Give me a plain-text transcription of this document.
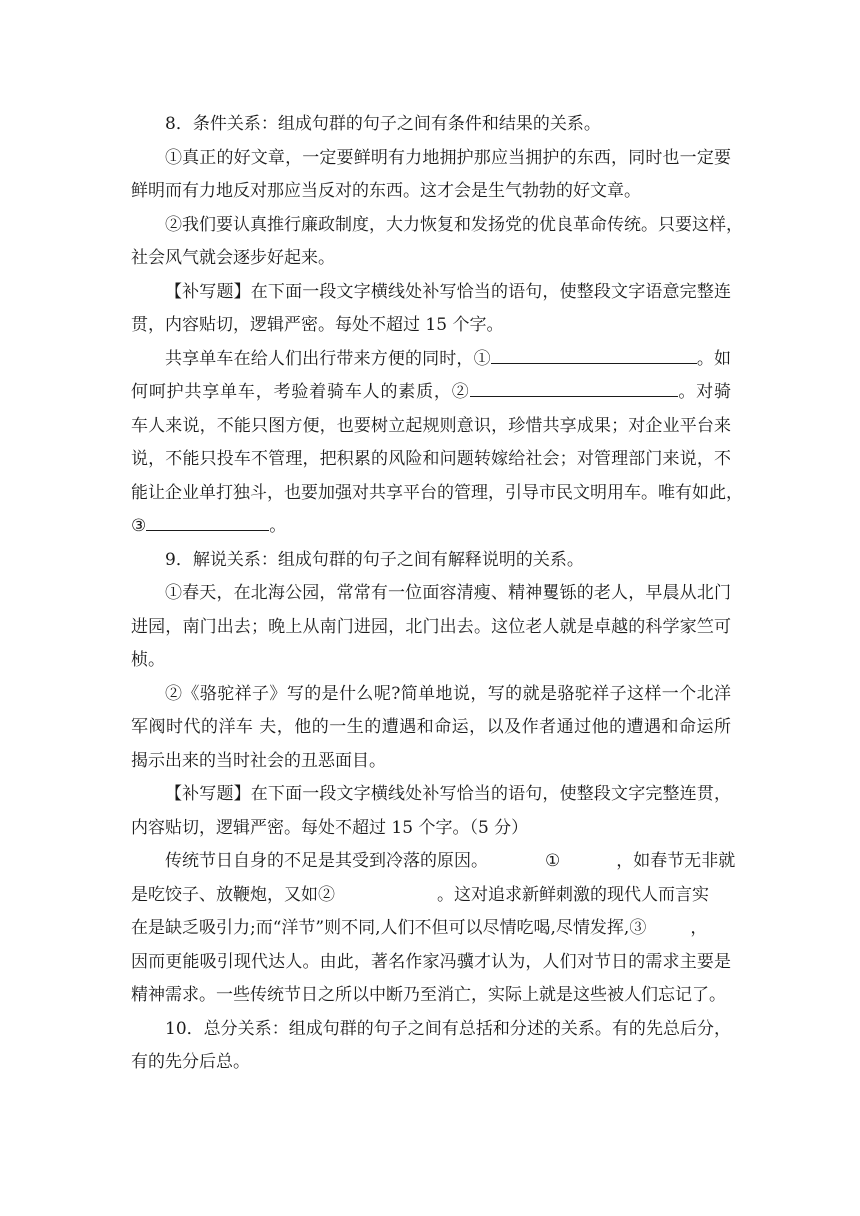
8．条件关系：组成句群的句子之间有条件和结果的关系。
①真正的好文章，一定要鲜明有力地拥护那应当拥护的东西，同时也一定要
鲜明而有力地反对那应当反对的东西。这才会是生气勃勃的好文章。
②我们要认真推行廉政制度，大力恢复和发扬党的优良革命传统。只要这样，
社会风气就会逐步好起来。
【补写题】在下面一段文字横线处补写恰当的语句，使整段文字语意完整连
贯，内容贴切，逻辑严密。每处不超过 15 个字。
共享单车在给人们出行带来方便的同时，①	。如
何呵护共享单车，考验着骑车人的素质，②	。对骑
车人来说，不能只图方便，也要树立起规则意识，珍惜共享成果；对企业平台来
说，不能只投车不管理，把积累的风险和问题转嫁给社会；对管理部门来说，不
能让企业单打独斗，也要加强对共享平台的管理，引导市民文明用车。唯有如此，
③	。
9．解说关系：组成句群的句子之间有解释说明的关系。
①春天，在北海公园，常常有一位面容清瘦、精神矍铄的老人，早晨从北门
进园，南门出去；晚上从南门进园，北门出去。这位老人就是卓越的科学家竺可
桢。
②《骆驼祥子》写的是什么呢?简单地说，写的就是骆驼祥子这样一个北洋
军阀时代的洋车 夫，他的一生的遭遇和命运，以及作者通过他的遭遇和命运所
揭示出来的当时社会的丑恶面目。
【补写题】在下面一段文字横线处补写恰当的语句，使整段文字完整连贯，
内容贴切，逻辑严密。每处不超过 15 个字。（5 分）
传统节日自身的不足是其受到冷落的原因。	①	，如春节无非就
是吃饺子、放鞭炮，又如②	。这对追求新鲜刺激的现代人而言实
在是缺乏吸引力;而“洋节”则不同,人们不但可以尽情吃喝,尽情发挥,③	，
因而更能吸引现代达人。由此，著名作家冯骥才认为，人们对节日的需求主要是
精神需求。一些传统节日之所以中断乃至消亡，实际上就是这些被人们忘记了。
10．总分关系：组成句群的句子之间有总括和分述的关系。有的先总后分，
有的先分后总。
